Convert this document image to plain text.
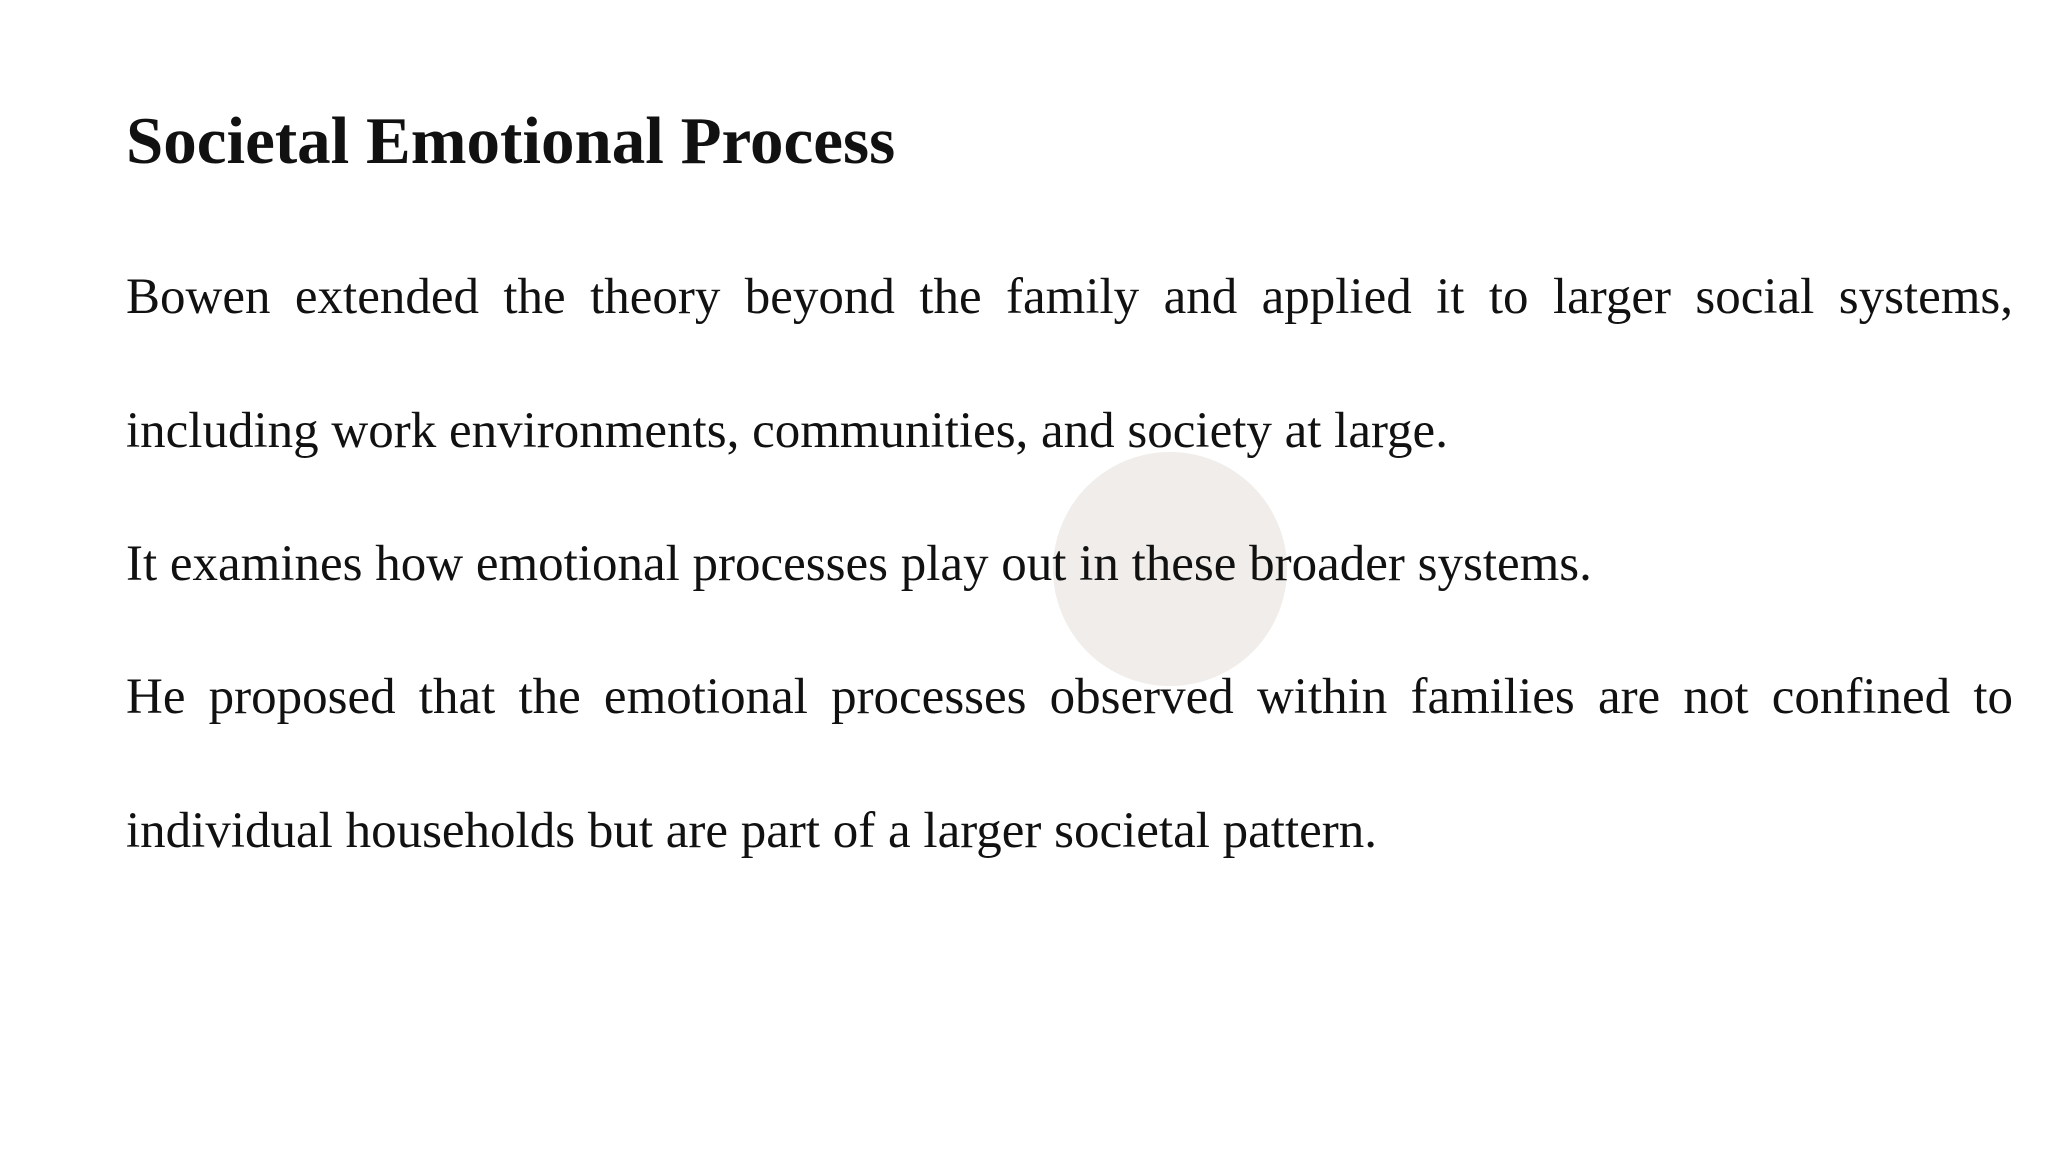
Societal Emotional Process

Bowen extended the theory beyond the family and applied it to larger social systems, including work environments, communities, and society at large.

It examines how emotional processes play out in these broader systems.

He proposed that the emotional processes observed within families are not confined to individual households but are part of a larger societal pattern.
